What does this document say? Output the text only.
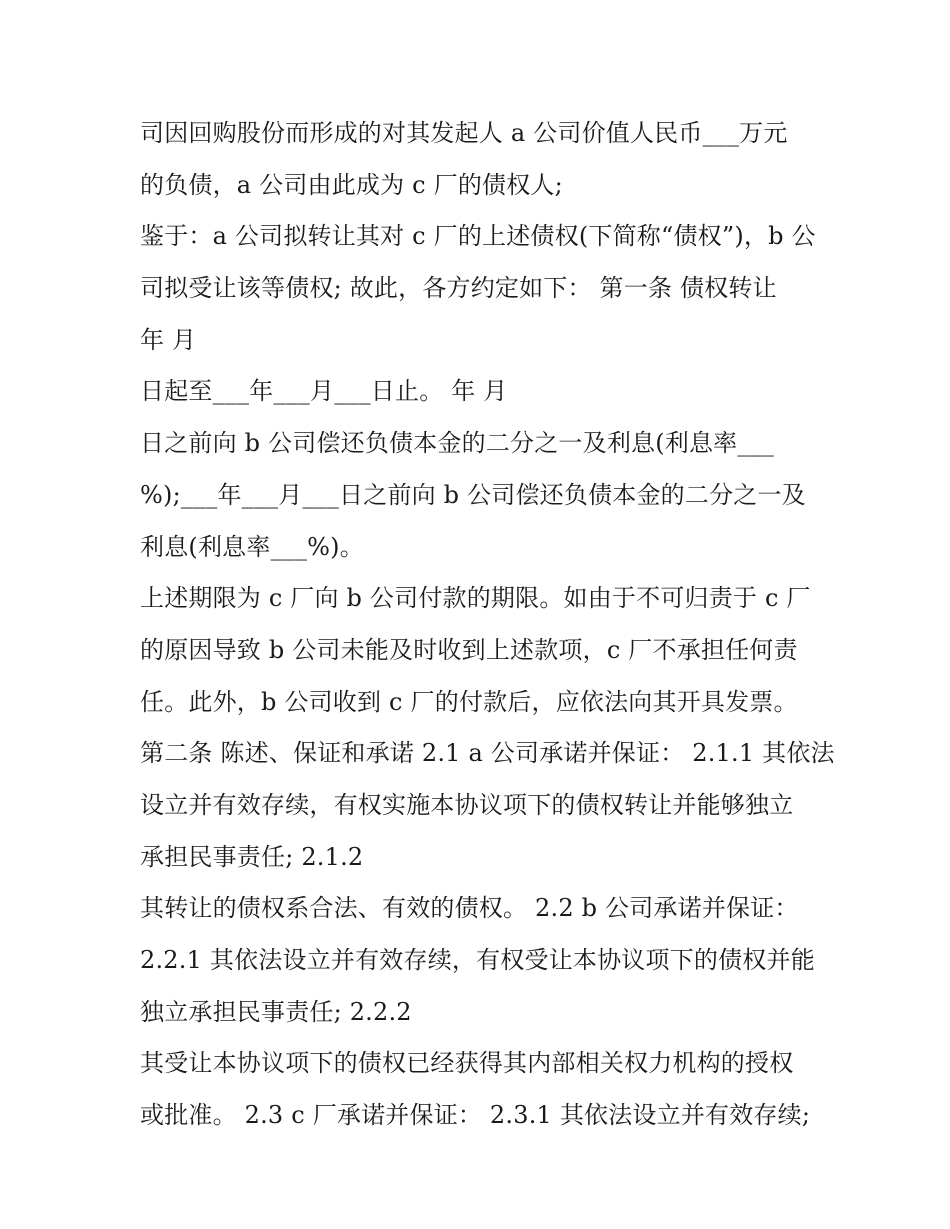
司因回购股份而形成的对其发起人 a 公司价值人民币___万元
的负债，a 公司由此成为 c 厂的债权人;
鉴于：a 公司拟转让其对 c 厂的上述债权(下简称“债权”)，b 公
司拟受让该等债权; 故此，各方约定如下： 第一条 债权转让
年 月
日起至___年___月___日止。 年 月
日之前向 b 公司偿还负债本金的二分之一及利息(利息率___
%);___年___月___日之前向 b 公司偿还负债本金的二分之一及
利息(利息率___%)。
上述期限为 c 厂向 b 公司付款的期限。如由于不可归责于 c 厂
的原因导致 b 公司未能及时收到上述款项，c 厂不承担任何责
任。此外，b 公司收到 c 厂的付款后，应依法向其开具发票。
第二条 陈述、保证和承诺 2.1 a 公司承诺并保证： 2.1.1 其依法
设立并有效存续，有权实施本协议项下的债权转让并能够独立
承担民事责任; 2.1.2
其转让的债权系合法、有效的债权。 2.2 b 公司承诺并保证：
2.2.1 其依法设立并有效存续，有权受让本协议项下的债权并能
独立承担民事责任; 2.2.2
其受让本协议项下的债权已经获得其内部相关权力机构的授权
或批准。 2.3 c 厂承诺并保证： 2.3.1 其依法设立并有效存续;
